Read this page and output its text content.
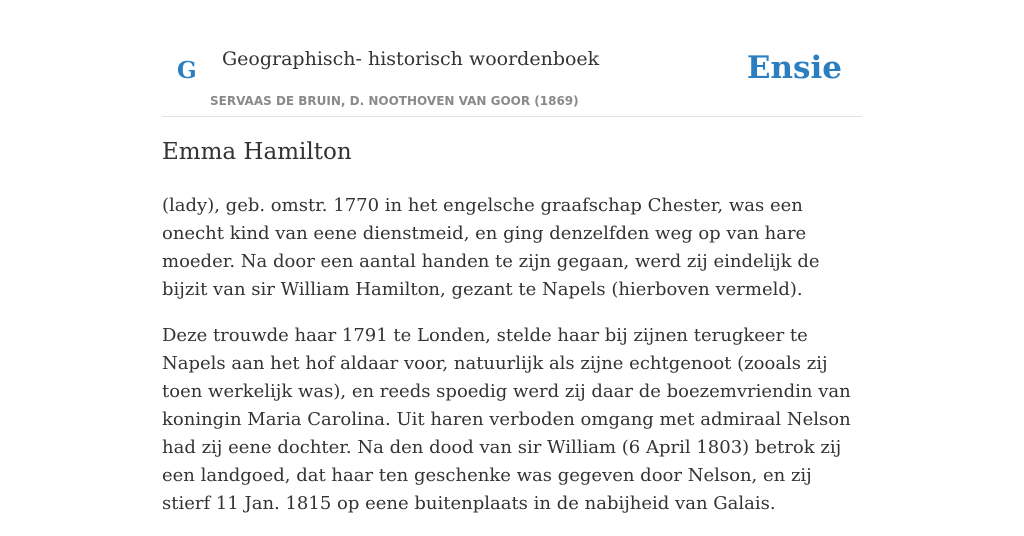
G Geographisch- historisch woordenboek
SERVAAS DE BRUIN, D. NOOTHOVEN VAN GOOR (1869)
Ensie
Emma Hamilton

(lady), geb. omstr. 1770 in het engelsche graafschap Chester, was een onecht kind van eene dienstmeid, en ging denzelfden weg op van hare moeder. Na door een aantal handen te zijn gegaan, werd zij eindelijk de bijzit van sir William Hamilton, gezant te Napels (hierboven vermeld).

Deze trouwde haar 1791 te Londen, stelde haar bij zijnen terugkeer te Napels aan het hof aldaar voor, natuurlijk als zijne echtgenoot (zooals zij toen werkelijk was), en reeds spoedig werd zij daar de boezemvriendin van koningin Maria Carolina. Uit haren verboden omgang met admiraal Nelson had zij eene dochter. Na den dood van sir William (6 April 1803) betrok zij een landgoed, dat haar ten geschenke was gegeven door Nelson, en zij stierf 11 Jan. 1815 op eene buitenplaats in de nabijheid van Galais.
